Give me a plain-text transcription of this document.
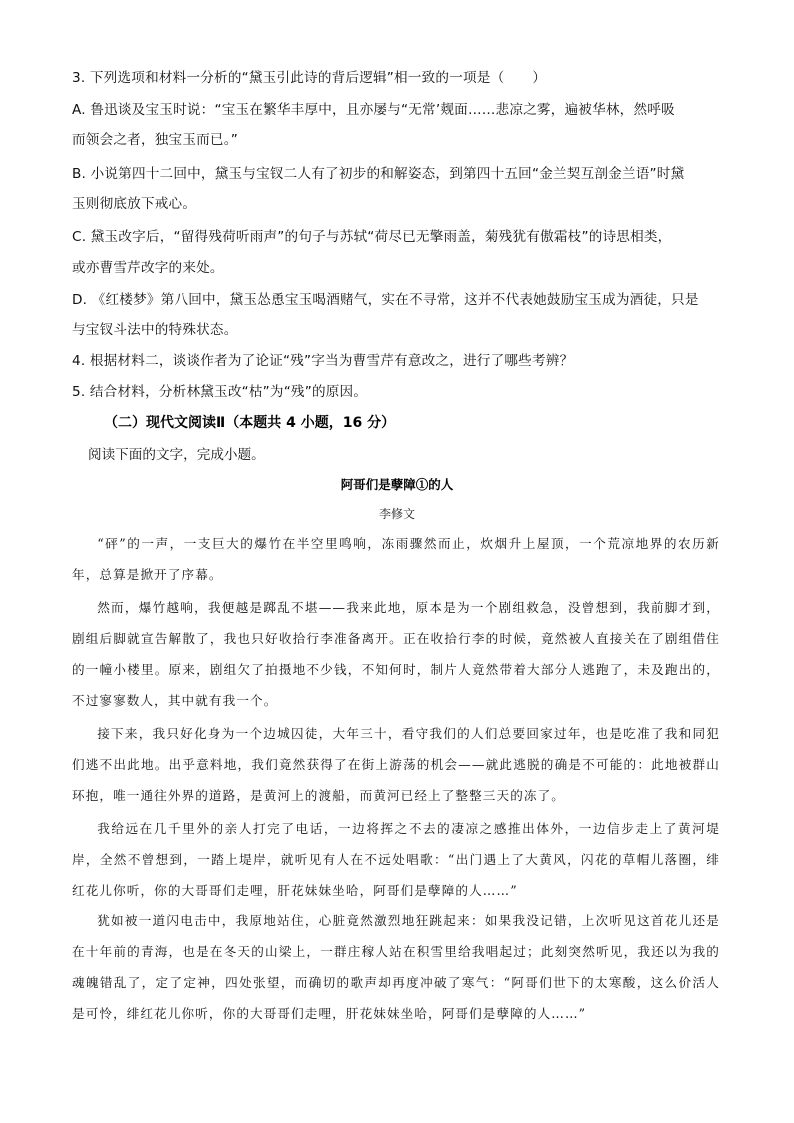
3. 下列选项和材料一分析的“黛玉引此诗的背后逻辑”相一致的一项是（ ）
A. 鲁迅谈及宝玉时说：“宝玉在繁华丰厚中，且亦屡与“无常’觌面……悲凉之雾，遍被华林，然呼吸
而领会之者，独宝玉而已。”
B. 小说第四十二回中，黛玉与宝钗二人有了初步的和解姿态，到第四十五回“金兰契互剖金兰语”时黛
玉则彻底放下戒心。
C. 黛玉改字后，“留得残荷听雨声”的句子与苏轼“荷尽已无擎雨盖，菊残犹有傲霜枝”的诗思相类，
或亦曹雪芹改字的来处。
D. 《红楼梦》第八回中，黛玉怂恿宝玉喝酒赌气，实在不寻常，这并不代表她鼓励宝玉成为酒徒，只是
与宝钗斗法中的特殊状态。
4. 根据材料二，谈谈作者为了论证“残”字当为曹雪芹有意改之，进行了哪些考辨？
5. 结合材料，分析林黛玉改“枯”为“残”的原因。
（二）现代文阅读Ⅱ（本题共 4 小题，16 分）
阅读下面的文字，完成小题。
阿哥们是孽障①的人
李修文
“砰”的一声，一支巨大的爆竹在半空里鸣响，冻雨骤然而止，炊烟升上屋顶，一个荒凉地界的农历新年，总算是掀开了序幕。
然而，爆竹越响，我便越是踯乱不堪——我来此地，原本是为一个剧组救急，没曾想到，我前脚才到，剧组后脚就宣告解散了，我也只好收拾行李准备离开。正在收拾行李的时候，竟然被人直接关在了剧组借住的一幢小楼里。原来，剧组欠了拍摄地不少钱，不知何时，制片人竟然带着大部分人逃跑了，未及跑出的，不过寥寥数人，其中就有我一个。
接下来，我只好化身为一个边城囚徒，大年三十，看守我们的人们总要回家过年，也是吃准了我和同犯们逃不出此地。出乎意料地，我们竟然获得了在街上游荡的机会——就此逃脱的确是不可能的：此地被群山环抱，唯一通往外界的道路，是黄河上的渡船，而黄河已经上了整整三天的冻了。
我给远在几千里外的亲人打完了电话，一边将挥之不去的凄凉之感推出体外，一边信步走上了黄河堤岸，全然不曾想到，一踏上堤岸，就听见有人在不远处唱歌：“出门遇上了大黄风，闪花的草帽儿落圈，绯红花儿你听，你的大哥哥们走哩，肝花妹妹坐哈，阿哥们是孽障的人……”
犹如被一道闪电击中，我原地站住，心脏竟然激烈地狂跳起来：如果我没记错，上次听见这首花儿还是在十年前的青海，也是在冬天的山梁上，一群庄稼人站在积雪里给我唱起过；此刻突然听见，我还以为我的魂魄错乱了，定了定神，四处张望，而确切的歌声却再度冲破了寒气：“阿哥们世下的太寒酸，这么价活人是可怜，绯红花儿你听，你的大哥哥们走哩，肝花妹妹坐哈，阿哥们是孽障的人……”
